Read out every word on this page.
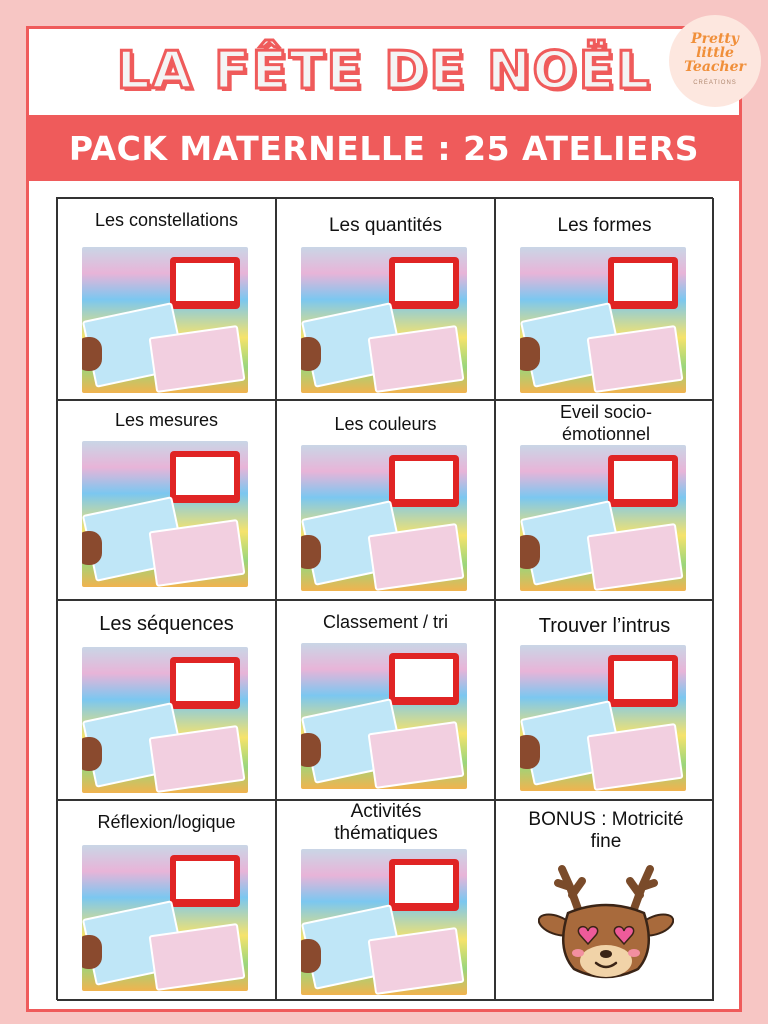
LA FÊTE DE NOËL
Pretty
little
Teacher
CRÉATIONS
PACK MATERNELLE : 25 ATELIERS
Les constellations	Les quantités	Les formes
Les mesures	Les couleurs
Eveil socio-émotionnel
Les séquences	Classement / tri	Trouver l’intrus
Réflexion/logique	Activités thématiques
BONUS : Motricité fine
